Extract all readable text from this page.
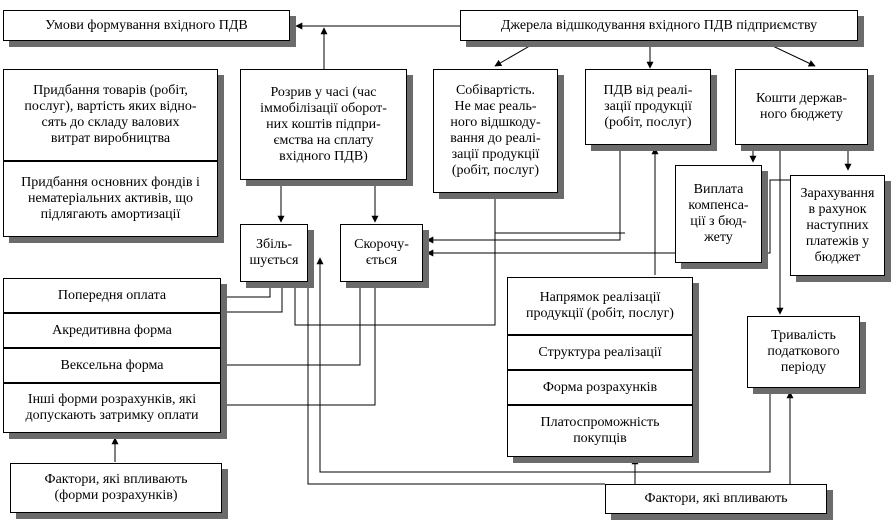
Умови формування вхідного ПДВ	Джерела відшкодування вхідного ПДВ підприємству
Придбання товарів (робіт,
послуг), вартість яких відно-
сять до складу валових
витрат виробництва
Придбання основних фондів і
нематеріальних активів, що
підлягають амортизації
Розрив у часі (час
іммобілізації оборот-
них коштів підпри-
ємства на сплату
вхідного ПДВ)
Собівартість.
Не має реаль-
ного відшкоду-
вання до реалі-
зації продукції
(робіт, послуг)
ПДВ від реалі-
зації продукції
(робіт, послуг)
Кошти держав-
ного бюджету
Виплата
компенса-
ції з бюд-
жету
Зарахування
в рахунок
наступних
платежів у
бюджет
Збіль-
шується
Скорочу-
ється
Попередня оплата
Акредитивна форма
Вексельна форма
Інші форми розрахунків, які
допускають затримку оплати
Фактори, які впливають
(форми розрахунків)
Напрямок реалізації
продукції (робіт, послуг)
Структура реалізації
Форма розрахунків
Платоспроможність
покупців
Тривалість
податкового
періоду
Фактори, які впливають
